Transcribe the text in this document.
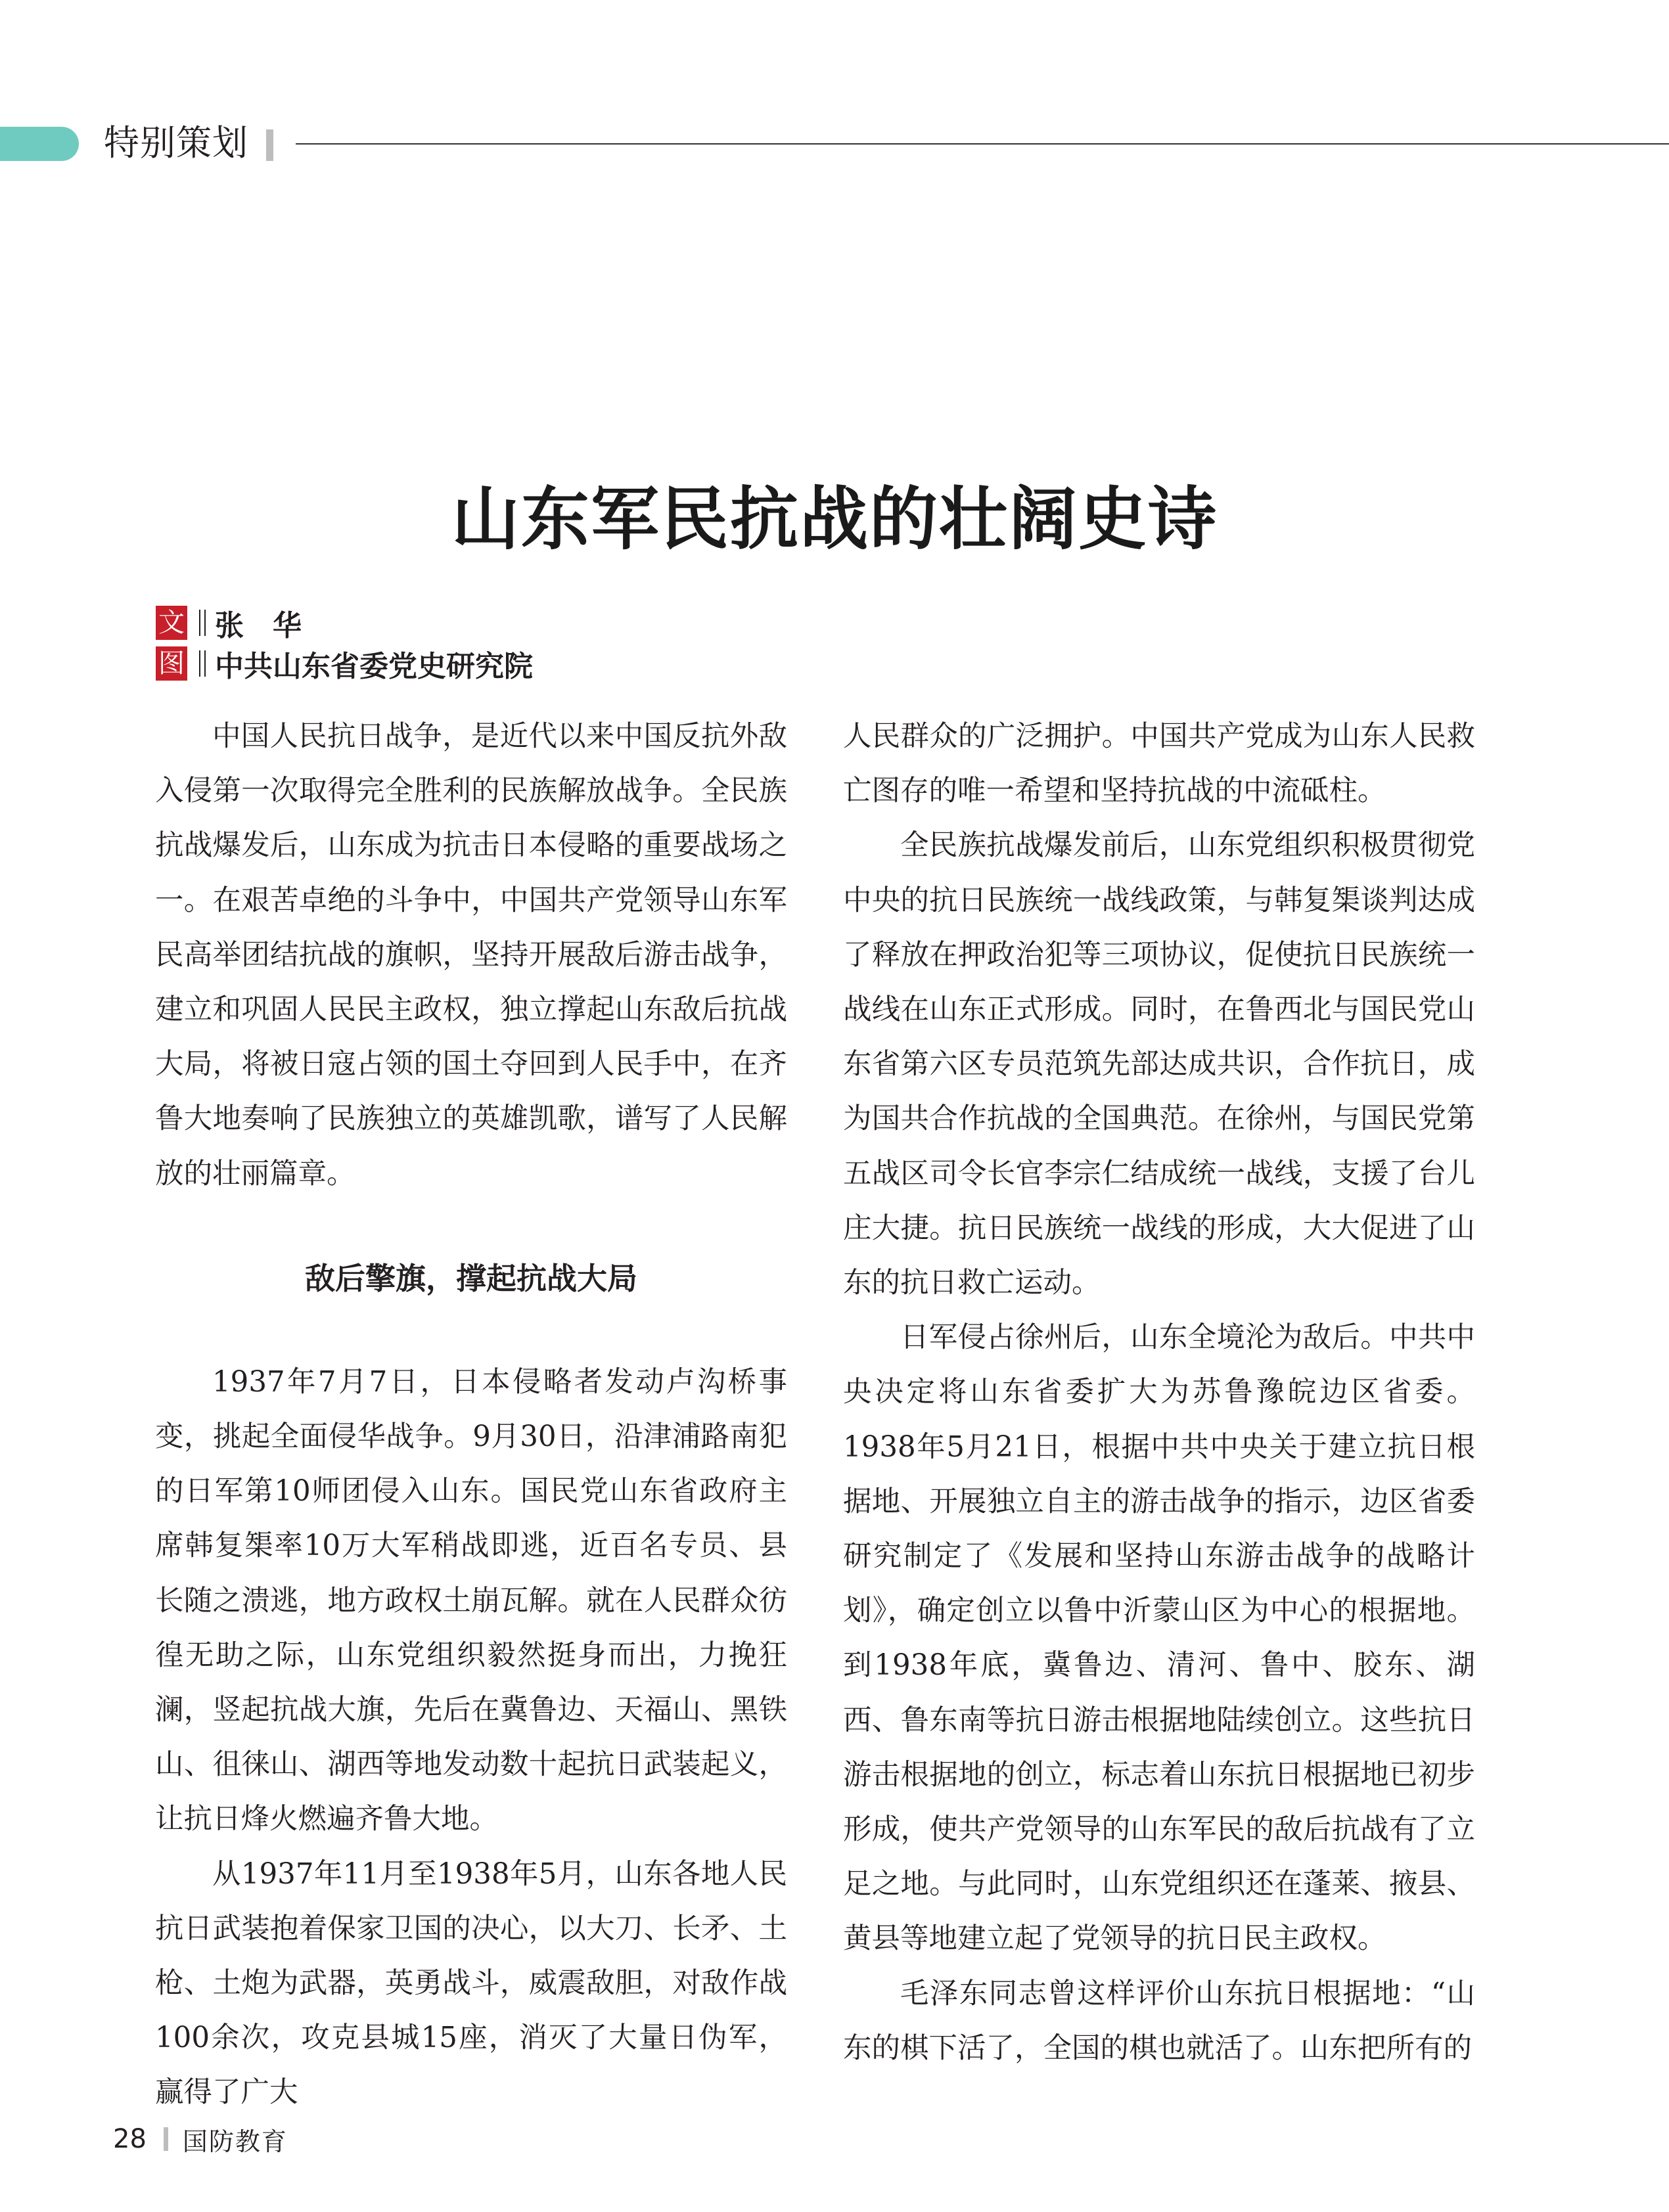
特别策划
山东军民抗战的壮阔史诗
文 张　华
图 中共山东省委党史研究院

中国人民抗日战争，是近代以来中国反抗外敌入侵第一次取得完全胜利的民族解放战争。全民族抗战爆发后，山东成为抗击日本侵略的重要战场之一。在艰苦卓绝的斗争中，中国共产党领导山东军民高举团结抗战的旗帜，坚持开展敌后游击战争，建立和巩固人民民主政权，独立撑起山东敌后抗战大局，将被日寇占领的国土夺回到人民手中，在齐鲁大地奏响了民族独立的英雄凯歌，谱写了人民解放的壮丽篇章。

敌后擎旗，撑起抗战大局

1937年7月7日，日本侵略者发动卢沟桥事变，挑起全面侵华战争。9月30日，沿津浦路南犯的日军第10师团侵入山东。国民党山东省政府主席韩复榘率10万大军稍战即逃，近百名专员、县长随之溃逃，地方政权土崩瓦解。就在人民群众彷徨无助之际，山东党组织毅然挺身而出，力挽狂澜，竖起抗战大旗，先后在冀鲁边、天福山、黑铁山、徂徕山、湖西等地发动数十起抗日武装起义，让抗日烽火燃遍齐鲁大地。

从1937年11月至1938年5月，山东各地人民抗日武装抱着保家卫国的决心，以大刀、长矛、土枪、土炮为武器，英勇战斗，威震敌胆，对敌作战100余次，攻克县城15座，消灭了大量日伪军，赢得了广大

人民群众的广泛拥护。中国共产党成为山东人民救亡图存的唯一希望和坚持抗战的中流砥柱。

全民族抗战爆发前后，山东党组织积极贯彻党中央的抗日民族统一战线政策，与韩复榘谈判达成了释放在押政治犯等三项协议，促使抗日民族统一战线在山东正式形成。同时，在鲁西北与国民党山东省第六区专员范筑先部达成共识，合作抗日，成为国共合作抗战的全国典范。在徐州，与国民党第五战区司令长官李宗仁结成统一战线，支援了台儿庄大捷。抗日民族统一战线的形成，大大促进了山东的抗日救亡运动。

日军侵占徐州后，山东全境沦为敌后。中共中央决定将山东省委扩大为苏鲁豫皖边区省委。1938年5月21日，根据中共中央关于建立抗日根据地、开展独立自主的游击战争的指示，边区省委研究制定了《发展和坚持山东游击战争的战略计划》，确定创立以鲁中沂蒙山区为中心的根据地。到1938年底，冀鲁边、清河、鲁中、胶东、湖西、鲁东南等抗日游击根据地陆续创立。这些抗日游击根据地的创立，标志着山东抗日根据地已初步形成，使共产党领导的山东军民的敌后抗战有了立足之地。与此同时，山东党组织还在蓬莱、掖县、黄县等地建立起了党领导的抗日民主政权。

毛泽东同志曾这样评价山东抗日根据地：“山东的棋下活了，全国的棋也就活了。山东把所有的

28 国防教育
